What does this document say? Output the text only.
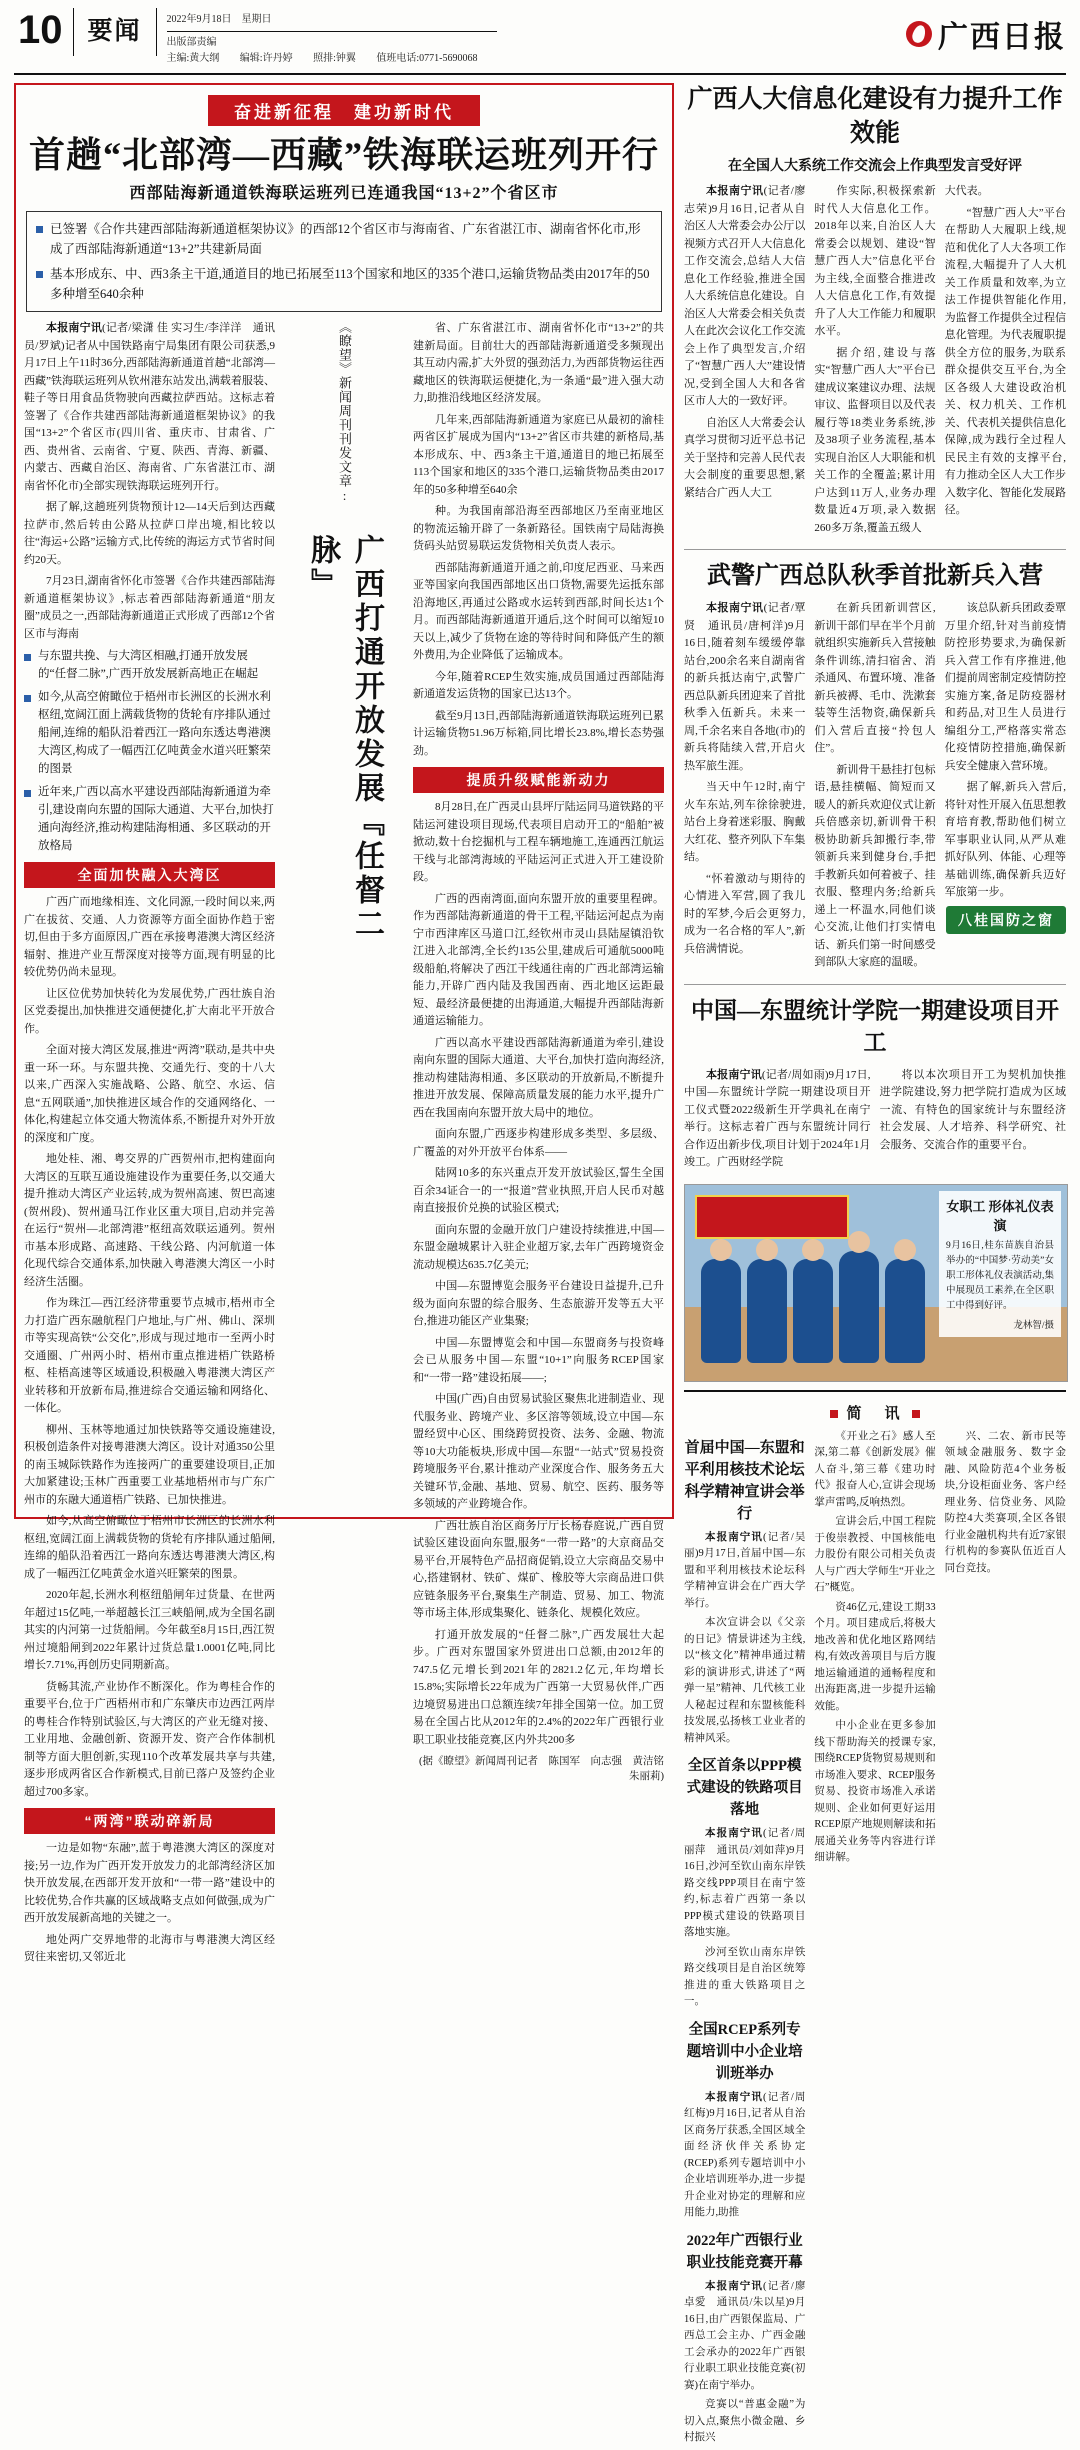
10	要闻	2022年9月18日　星期日
出版部责编
主编:黄大纲 编辑:许丹婷 照排:钟翼 值班电话:0771-5690068
广西日报
奋进新征程　建功新时代
首趟“北部湾—西藏”铁海联运班列开行
西部陆海新通道铁海联运班列已连通我国“13+2”个省区市
已签署《合作共建西部陆海新通道框架协议》的西部12个省区市与海南省、广东省湛江市、湖南省怀化市,形成了西部陆海新通道“13+2”共建新局面
基本形成东、中、西3条主干道,通道目的地已拓展至113个国家和地区的335个港口,运输货物品类由2017年的50多种增至640余种

本报南宁讯(记者/梁潇 佳 实习生/李洋洋　通讯员/罗斌)记者从中国铁路南宁局集团有限公司获悉,9月17日上午11时36分,西部陆海新通道首趟“北部湾—西藏”铁海联运班列从钦州港东站发出,满载着服装、鞋子等日用食品货物驶向西藏拉萨西站。这标志着签署了《合作共建西部陆海新通道框架协议》的我国“13+2”个省区市(四川省、重庆市、甘肃省、广西、贵州省、云南省、宁夏、陕西、青海、新疆、内蒙古、西藏自治区、海南省、广东省湛江市、湖南省怀化市)全部实现铁海联运班列开行。

据了解,这趟班列货物预计12—14天后到达西藏拉萨市,然后转由公路从拉萨口岸出境,相比较以往“海运+公路”运输方式,比传统的海运方式节省时间约20天。

7月23日,湖南省怀化市签署《合作共建西部陆海新通道框架协议》,标志着西部陆海新通道“朋友圈”成员之一,西部陆海新通道正式形成了西部12个省区市与海南

与东盟共挽、与大湾区相融,打通开放发展的“任督二脉”,广西开放发展新高地正在崛起
如今,从高空俯瞰位于梧州市长洲区的长洲水利枢纽,宽阔江面上满载货物的货轮有序排队通过船闸,连绵的船队沿着西江一路向东透达粤港澳大湾区,构成了一幅西江亿吨黄金水道兴旺繁荣的图景
近年来,广西以高水平建设西部陆海新通道为牵引,建设南向东盟的国际大通道、大平台,加快打通向海经济,推动构建陆海相通、多区联动的开放格局
全面加快融入大湾区

广西广而地缘相连、文化同源,一段时间以来,两广在拔贫、交通、人力资源等方面全面协作趋于密切,但由于多方面原因,广西在承接粤港澳大湾区经济辐射、推进产业互帮深度对接等方面,现有明显的比较优势仍尚未显现。

让区位优势加快转化为发展优势,广西壮族自治区党委提出,加快推进交通便捷化,扩大南北平开放合作。

全面对接大湾区发展,推进“两湾”联动,是共中央重一环一环。与东盟共挽、交通先行、变的十八大以来,广西深入实施战略、公路、航空、水运、信息“五网联通”,加快推进区域合作的交通网络化、一体化,构建起立体交通大物流体系,不断提升对外开放的深度和广度。

地处桂、湘、粤交界的广西贺州市,把构建面向大湾区的互联互通设施建设作为重要任务,以交通大提升推动大湾区产业运转,成为贺州高速、贺巴高速(贺州段)、贺州通马江作业区重大项目,启动并完善在运行“贺州—北部湾港”枢纽高效联运通列。贺州市基本形成路、高速路、干线公路、内河航道一体化现代综合交通体系,加快融入粤港澳大湾区一小时经济生活圈。

作为珠江—西江经济带重要节点城市,梧州市全力打造广西东融航程门户地址,与广州、佛山、深圳市等实现高铁“公交化”,形成与现过地市一至两小时交通圈、广州两小时、梧州市重点推进梧广铁路桥枢、桂梧高速等区域通设,积极融入粤港澳大湾区产业转移和开放新布局,推进综合交通运输和网络化、一体化。

柳州、玉林等地通过加快铁路等交通设施建设,积极创造条件对接粤港澳大湾区。设计对通350公里的南玉城际铁路作为连接两广的重要建设项目,正加大加紧建设;玉林广西重要工业基地梧州市与广东广州市的东融大通道梧广铁路、已加快推进。

如今,从高空俯瞰位于梧州市长洲区的长洲水利枢纽,宽阔江面上满载货物的货轮有序排队通过船闸,连绵的船队沿着西江一路向东透达粤港澳大湾区,构成了一幅西江亿吨黄金水道兴旺繁荣的图景。

2020年起,长洲水利枢纽船闸年过货量、在世两年超过15亿吨,一举超越长江三峡船闸,成为全国名副其实的内河第一过货船闸。今年截至8月15日,西江贺州过境船闸到2022年累计过货总量1.0001亿吨,同比增长7.71%,再创历史同期新高。

货畅其流,产业协作不断深化。作为粤桂合作的重要平台,位于广西梧州市和广东肇庆市边西江两岸的粤桂合作特别试验区,与大湾区的产业无缝对接、工业用地、金融创新、资源开发、资产合作体制机制等方面大胆创新,实现110个改革发展共享与共建,逐步形成两省区合作新模式,目前已落户及签约企业超过700多家。

“两湾”联动碎新局

一边是如物“东融”,蓝于粤港澳大湾区的深度对接;另一边,作为广西开发开放发力的北部湾经济区加快开放发展,在西部开发开放和“一带一路”建设中的比较优势,合作共赢的区域战略支点如何做强,成为广西开放发展新高地的关键之一。

地处两广交界地带的北海市与粤港澳大湾区经贸往来密切,又邻近北

《瞭望》新闻周刊刊发文章:
广西打通开放发展『任督二脉』

省、广东省湛江市、湖南省怀化市“13+2”的共建新局面。目前壮大的西部陆海新通道受多频现出其互动内需,扩大外贸的强劲活力,为西部货物运往西藏地区的铁海联运便捷化,为一条通“最”进入强大动力,助推沿线地区经济发展。

几年来,西部陆海新通道为家庭已从最初的渝桂两省区扩展成为国内“13+2”省区市共建的新格局,基本形成东、中、西3条主干道,通道目的地已拓展至113个国家和地区的335个港口,运输货物品类由2017年的50多种增至640余

种。为我国南部沿海至西部地区乃至南亚地区的物流运输开辟了一条新路径。国铁南宁局陆海换货码头站贸易联运发货物相关负责人表示。

西部陆海新通道开通之前,印度尼西亚、马来西亚等国家向我国西部地区出口货物,需要先运抵东部沿海地区,再通过公路或水运转到西部,时间长达1个月。而西部陆海新通道开通后,这个时间可以缩短10天以上,减少了货物在途的等待时间和降低产生的额外费用,为企业降低了运输成本。

今年,随着RCEP生效实施,成员国通过西部陆海新通道发运货物的国家已达13个。

截至9月13日,西部陆海新通道铁海联运班列已累计运输货物51.96万标箱,同比增长23.8%,增长态势强劲。

提质升级赋能新动力

8月28日,在广西灵山县坪厅陆运同马道铁路的平陆运河建设项目现场,代表项目启动开工的“船舶”被掀动,数十台挖掘机与工程车辆地施工,连通西江航运干线与北部湾海域的平陆运河正式进入开工建设阶段。

广西的西南湾面,面向东盟开放的重要里程碑。作为西部陆海新通道的骨干工程,平陆运河起点为南宁市西津库区马道口江,经钦州市灵山县陆屋镇沿钦江进入北部湾,全长约135公里,建成后可通航5000吨级船舶,将解决了西江干线通往南的广西北部湾运输能力,开辟广西内陆及我国西南、西北地区运距最短、最经济最便捷的出海通道,大幅提升西部陆海新通道运输能力。

广西以高水平建设西部陆海新通道为牵引,建设南向东盟的国际大通道、大平台,加快打造向海经济,推动构建陆海相通、多区联动的开放新局,不断提升推进开放发展、保障高质量发展的能力水平,提升广西在我国南向东盟开放大局中的地位。

面向东盟,广西逐步构建形成多类型、多层级、广覆盖的对外开放平台体系——

陆网10多的东兴重点开发开放试验区,誓生全国百余34证合一的一“报道”营业执照,开启人民币对越南直接报价兑换的试验区模式;

面向东盟的金融开放门户建设持续推进,中国—东盟金融城累计入驻企业超万家,去年广西跨境资金流动规模达635.7亿美元;

中国—东盟博览会服务平台建设日益提升,已升级为面向东盟的综合服务、生态旅游开发等五大平台,推进功能区产业集聚;

中国—东盟博览会和中国—东盟商务与投资峰会已从服务中国—东盟“10+1”向服务RCEP国家和“一带一路”建设拓展——;

中国(广西)自由贸易试验区聚焦北进制造业、现代服务业、跨境产业、多区溶等领域,设立中国—东盟经贸中心区、围绕跨贸投资、法务、金融、物流等10大功能板块,形成中国—东盟“一站式”贸易投资跨境服务平台,累计推动产业深度合作、服务务五大关键环节,金融、基地、贸易、航空、医药、服务等多领域的产业跨境合作。

广西壮族自治区商务厅厅长杨春庭说,广西自贸试验区建设面向东盟,服务“一带一路”的大京商品交易平台,开展特色产品招商促销,设立大宗商品交易中心,搭建钢材、铁矿、煤矿、橡胶等大宗商品进口供应链条服务平台,聚集生产制造、贸易、加工、物流等市场主体,形成集聚化、链条化、规模化效应。

打通开放发展的“任督二脉”,广西发展壮大起步。广西对东盟国家外贸进出口总额,由2012年的747.5亿元增长到2021年的2821.2亿元,年均增长15.8%;实际增长22年成为广西第一大贸易伙伴,广西边境贸易进出口总额连续7年排全国第一位。加工贸易在全国占比从2012年的2.4%的2022年广西银行业职工职业技能竞赛,区内外共200多

(据《瞭望》新闻周刊记者　陈国军　向志强　黄洁铭　朱丽莉)
广西人大信息化建设有力提升工作效能
在全国人大系统工作交流会上作典型发言受好评

本报南宁讯(记者/廖志荣)9月16日,记者从自治区人大常委会办公厅以视频方式召开人大信息化工作交流会,总结人大信息化工作经验,推进全国人大系统信息化建设。自治区人大常委会相关负责人在此次会议化工作交流会上作了典型发言,介绍了“智慧广西人大”建设情况,受到全国人大和各省区市人大的一致好评。

自治区人大常委会认真学习贯彻习近平总书记关于坚持和完善人民代表大会制度的重要思想,紧紧结合广西人大工

作实际,积极探索新时代人大信息化工作。2018年以来,自治区人大常委会以规划、建设“智慧广西人大”信息化平台为主线,全面整合推进改人大信息化工作,有效提升了人大工作能力和履职水平。

据介绍,建设与落实“智慧广西人大”平台已建成议案建议办理、法规审议、监督项目以及代表履行等18类业务系统,涉及38项子业务流程,基本实现自治区人大职能和机关工作的全覆盖;累计用户达到11万人,业务办理数量近4万项,录入数据260多万条,覆盖五级人

大代表。

“智慧广西人大”平台在帮助人大履职上线,规范和优化了人大各项工作流程,大幅提升了人大机关工作质量和效率,为立法工作提供智能化作用,为监督工作提供全过程信息化管理。为代表履职提供全方位的服务,为联系群众提供交互平台,为全区各级人大建设政治机关、权力机关、工作机关、代表机关提供信息化保障,成为践行全过程人民民主有效的支撑平台,有力推动全区人大工作步入数字化、智能化发展路径。

武警广西总队秋季首批新兵入营

本报南宁讯(记者/覃贤　通讯员/唐柯洋)9月16日,随着刻车缓缓停靠站台,200余名来自湖南省的新兵抵达南宁,武警广西总队新兵团迎来了首批秋季入伍新兵。未来一周,千余名来自各地(市)的新兵将陆续入营,开启火热军旅生涯。

当天中午12时,南宁火车东站,列车徐徐驶进,站台上身着迷彩服、胸戴大红花、整齐列队下车集结。

“怀着激动与期待的心情进入军营,圆了我儿时的军梦,今后会更努力,成为一名合格的军人”,新兵倍满情说。

在新兵团新训营区,新训干部们早在半个月前就组织实施新兵入营接触条件训练,清扫宿舍、消杀通风、布置环境、准备新兵被褥、毛巾、洗漱套装等生活物资,确保新兵们入营后直接“拎包人住”。

新训骨干悬挂打包标语,悬挂横幅、简短而又暖人的新兵欢迎仪式让新兵倍感亲切,新训骨干积极协助新兵卸搬行李,带领新兵来到健身台,手把手教新兵如何着被子、挂衣服、整理内务;给新兵递上一杯温水,同他们谈心交流,让他们打实情电话、新兵们第一时间感受到部队大家庭的温暖。

该总队新兵团政委覃万里介绍,针对当前疫情防控形势要求,为确保新兵入营工作有序推进,他们提前周密制定疫情防控实施方案,备足防疫器材和药品,对卫生人员进行编组分工,严格落实常态化疫情防控措施,确保新兵安全健康入营环境。

据了解,新兵入营后,将针对性开展入伍思想教育培育教,帮助他们树立军事职业认同,从严从难抓好队列、体能、心理等基础训练,确保新兵迈好军旅第一步。

八桂国防之窗
中国—东盟统计学院一期建设项目开工

本报南宁讯(记者/周如雨)9月17日,中国—东盟统计学院一期建设项目开工仪式暨2022级新生开学典礼在南宁举行。这标志着广西与东盟统计同行合作迈出新步伐,项目计划于2024年1月竣工。广西财经学院

将以本次项目开工为契机加快推进学院建设,努力把学院打造成为区域一流、有特色的国家统计与东盟经济社会发展、人才培养、科学研究、社会服务、交流合作的重要平台。

女职工 形体礼仪表演
9月16日,桂东苗族自治县举办的“中国梦·劳动美”女职工形体礼仪表演活动,集中展现员工素养,在全区职工中得到好评。
龙林智/摄
简　讯
首届中国—东盟和平利用核技术论坛科学精神宣讲会举行

本报南宁讯(记者/吴丽)9月17日,首届中国—东盟和平利用核技术论坛科学精神宣讲会在广西大学举行。

本次宣讲会以《父亲的日记》情景讲述为主线,以“核文化”精神串通过精彩的演讲形式,讲述了“两弹一星”精神、几代核工业人秘起过程和东盟核能科技发展,弘扬核工业业者的精神风采。

全区首条以PPP模式建设的铁路项目落地

本报南宁讯(记者/周丽萍　通讯员/刘如萍)9月16日,沙河至钦山南东岸铁路交线PPP项目在南宁签约,标志着广西第一条以PPP模式建设的铁路项目落地实施。

沙河至钦山南东岸铁路交线项目是自治区统筹推进的重大铁路项目之一。

全国RCEP系列专题培训中小企业培训班举办

本报南宁讯(记者/周红梅)9月16日,记者从自治区商务厅获悉,全国区域全面经济伙伴关系协定(RCEP)系列专题培训中小企业培训班举办,进一步提升企业对协定的理解和应用能力,助推

2022年广西银行业职业技能竞赛开幕

本报南宁讯(记者/廖卓愛　通讯员/朱以星)9月16日,由广西银保监局、广西总工会主办、广西金融工会承办的2022年广西银行业职工职业技能竞赛(初赛)在南宁举办。

竞赛以“普惠金融”为切入点,聚焦小微金融、乡村振兴

《开业之石》感人至深,第二幕《创新发展》催人奋斗,第三幕《建功时代》报奋人心,宣讲会现场掌声雷鸣,反响热烈。

宣讲会后,中国工程院于俊崇教授、中国核能电力股份有限公司相关负责人与广西大学师生“开业之石”概览。

资46亿元,建设工期33个月。项目建成后,将极大地改善和优化地区路网结构,有效改善项目与后方腹地运输通道的通畅程度和出海距离,进一步提升运输效能。

中小企业在更多参加线下帮助海关的授课专家,围绕RCEP货物贸易规则和市场准入要求、RCEP服务贸易、投资市场准入承诺规则、企业如何更好运用RCEP原产地规则解读和拓展通关业务等内容进行详细讲解。

兴、二农、新市民等领域金融服务、数字金融、风险防范4个业务板块,分设柜面业务、客户经理业务、信贷业务、风险防控4大类赛项,全区各银行业金融机构共有近7家银行机构的参赛队伍近百人同台竞技。
